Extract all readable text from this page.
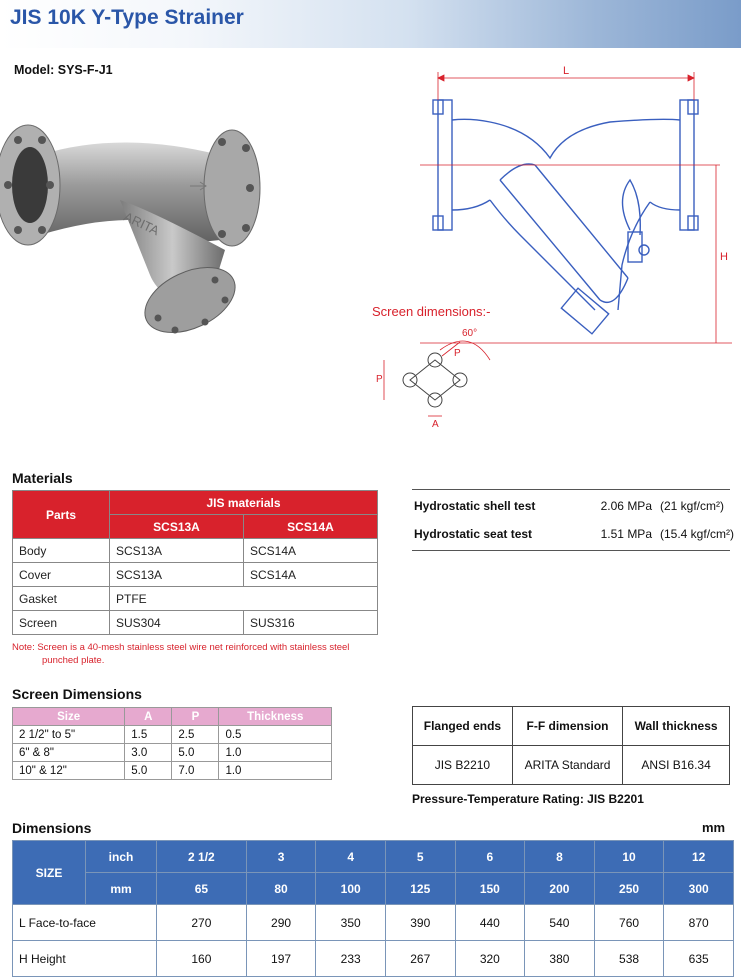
JIS 10K Y-Type Strainer
Model: SYS-F-J1
ARITA
L
H
Screen dimensions:-
60°
P
P
A
Materials
Parts	JIS materials	
	SCS13A	SCS14A
Body	SCS13A	SCS14A
Cover	SCS13A	SCS14A
Gasket	PTFE	
Screen	SUS304	SUS316
Note: Screen is a 40-mesh stainless steel wire net reinforced with stainless steel
punched plate.
Hydrostatic shell test	2.06 MPa	(21 kgf/cm²)
Hydrostatic seat test	1.51 MPa	(15.4 kgf/cm²)
Screen Dimensions
Size	A	P	Thickness
2 1/2" to 5"	1.5	2.5	0.5
6" & 8"	3.0	5.0	1.0
10" & 12"	5.0	7.0	1.0
Flanged ends	F-F dimension	Wall thickness
JIS B2210	ARITA Standard	ANSI B16.34
Pressure-Temperature Rating: JIS B2201
Dimensions	mm
SIZE	inch	2 1/2	3	4	5	6	8	10	12
	mm	65	80	100	125	150	200	250	300
L Face-to-face		270	290	350	390	440	540	760	870
H Height		160	197	233	267	320	380	538	635
